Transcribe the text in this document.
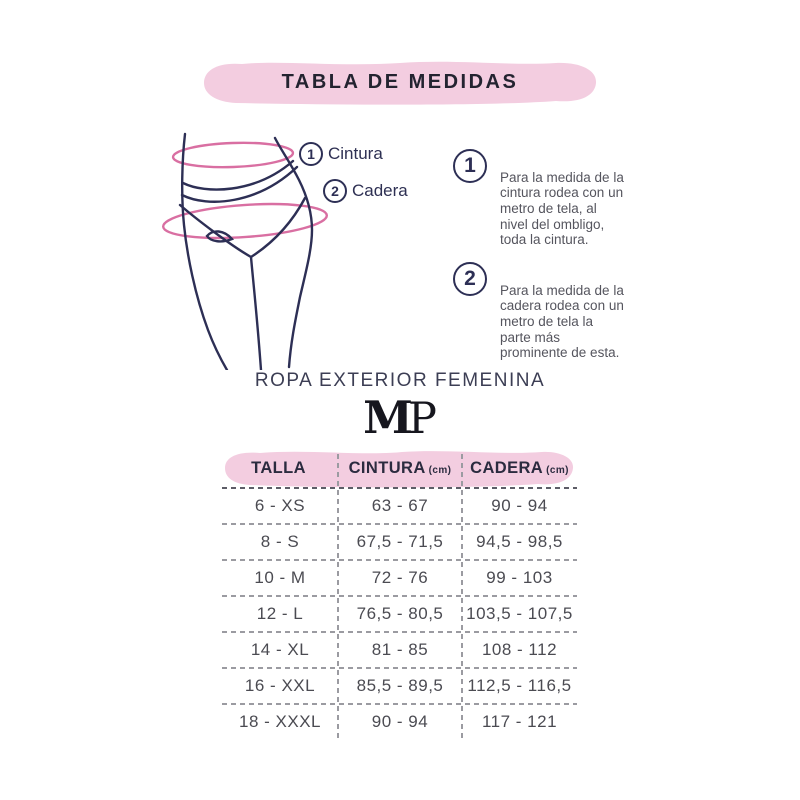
TABLA DE MEDIDAS
1 Cintura
2 Cadera
1	Para la medida de la cintura rodea con un metro de tela, al nivel del ombligo, toda la cintura.

2	Para la medida de la cadera rodea con un metro de tela la parte más prominente de esta.

ROPA EXTERIOR FEMENINA
MP
TALLA	CINTURA (cm) CADERA (cm)
6 - XS	63 - 67	90 - 94
8 - S	67,5 - 71,5	94,5 - 98,5
10 - M	72 - 76	99 - 103
12 - L	76,5 - 80,5	103,5 - 107,5
14 - XL	81 - 85	108 - 112
16 - XXL	85,5 - 89,5	112,5 - 116,5
18 - XXXL	90 - 94	117 - 121
